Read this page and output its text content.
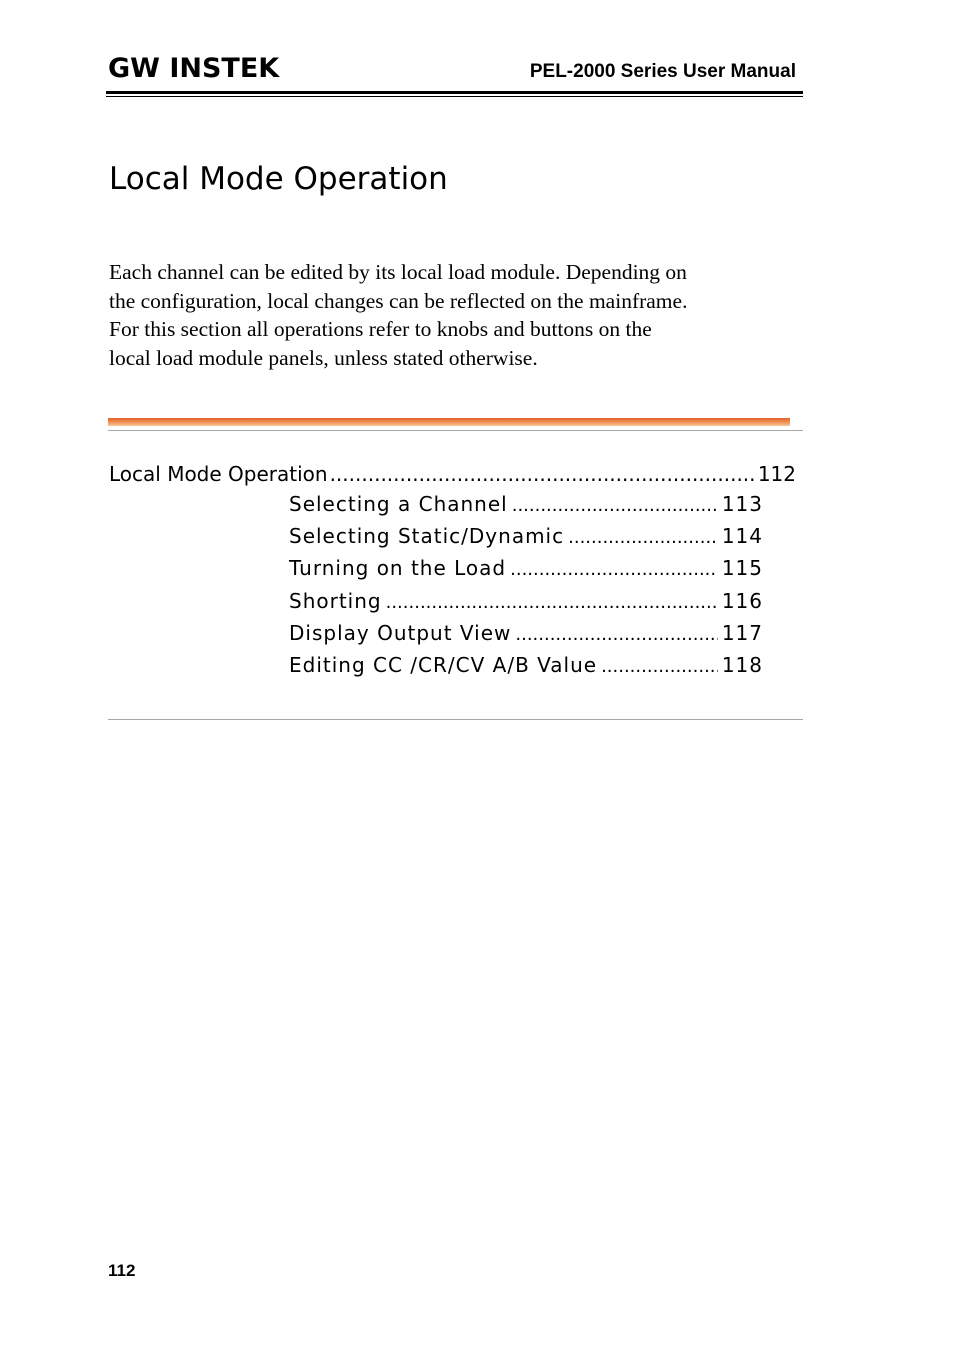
GW INSTEK	PEL-2000 Series User Manual
Local Mode Operation

Each channel can be edited by its local load module. Depending on

the configuration, local changes can be reflected on the mainframe.

For this section all operations refer to knobs and buttons on the

local load module panels, unless stated otherwise.

Local Mode Operation .....	112
Selecting a Channel .....	113
Selecting Static/Dynamic .....	114
Turning on the Load .....	115
Shorting .....	116
Display Output View .....	117
Editing CC /CR/CV A/B Value .....	118
112
